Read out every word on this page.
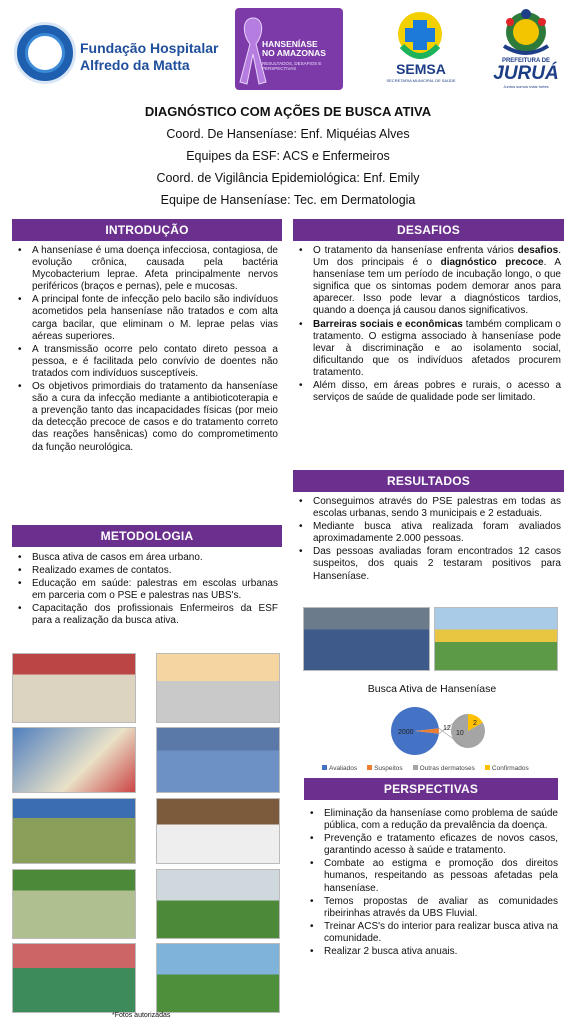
Fundação Hospitalar
Alfredo da Matta
HANSENÍASE
NO AMAZONAS
RESULTADOS, DESAFIOS E PERSPECTIVAS	SEMSA
SECRETARIA MUNICIPAL DE SAÚDE
PREFEITURA DE
JURUÁ
Juntos somos mais fortes
DIAGNÓSTICO COM AÇÕES DE BUSCA ATIVA
Coord. De Hanseníase: Enf. Miquéias Alves
Equipes da ESF: ACS e Enfermeiros
Coord. de Vigilância Epidemiológica: Enf. Emily
Equipe de Hanseníase: Tec. em Dermatologia
INTRODUÇÃO
• A hanseníase é uma doença infecciosa, contagiosa, de evolução crônica, causada pela bactéria Mycobacterium leprae. Afeta principalmente nervos periféricos (braços e pernas), pele e mucosas.
• A principal fonte de infecção pelo bacilo são indivíduos acometidos pela hanseníase não tratados e com alta carga bacilar, que eliminam o M. leprae pelas vias aéreas superiores.
• A transmissão ocorre pelo contato direto pessoa a pessoa, e é facilitada pelo convívio de doentes não tratados com indivíduos susceptíveis.
• Os objetivos primordiais do tratamento da hanseníase são a cura da infecção mediante a antibioticoterapia e a prevenção tanto das incapacidades físicas (por meio da detecção precoce de casos e do tratamento correto das reações hansênicas) como do comprometimento da função neurológica.
METODOLOGIA
• Busca ativa de casos em área urbano.
• Realizado exames de contatos.
• Educação em saúde: palestras em escolas urbanas em parceria com o PSE e palestras nas UBS's.
• Capacitação dos profissionais Enfermeiros da ESF para a realização da busca ativa.
*Fotos autorizadas
DESAFIOS
• O tratamento da hanseníase enfrenta vários desafios. Um dos principais é o diagnóstico precoce. A hanseníase tem um período de incubação longo, o que significa que os sintomas podem demorar anos para aparecer. Isso pode levar a diagnósticos tardios, quando a doença já causou danos significativos.
• Barreiras sociais e econômicas também complicam o tratamento. O estigma associado à hanseníase pode levar à discriminação e ao isolamento social, dificultando que os indivíduos afetados procurem tratamento.
• Além disso, em áreas pobres e rurais, o acesso a serviços de saúde de qualidade pode ser limitado.
RESULTADOS
• Conseguimos através do PSE palestras em todas as escolas urbanas, sendo 3 municipais e 2 estaduais.
• Mediante busca ativa realizada foram avaliados aproximadamente 2.000 pessoas.
• Das pessoas avaliadas foram encontrados 12 casos suspeitos, dos quais 2 testaram positivos para Hanseníase.
Busca Ativa de Hanseníase
2000
12
10
2
Avaliados	Suspeitos	Outras dermatoses	Confirmados
PERSPECTIVAS
• Eliminação da hanseníase como problema de saúde pública, com a redução da prevalência da doença.
• Prevenção e tratamento eficazes de novos casos, garantindo acesso à saúde e tratamento.
• Combate ao estigma e promoção dos direitos humanos, respeitando as pessoas afetadas pela hanseníase.
• Temos propostas de avaliar as comunidades ribeirinhas através da UBS Fluvial.
• Treinar ACS's do interior para realizar busca ativa na comunidade.
• Realizar 2 busca ativa anuais.
